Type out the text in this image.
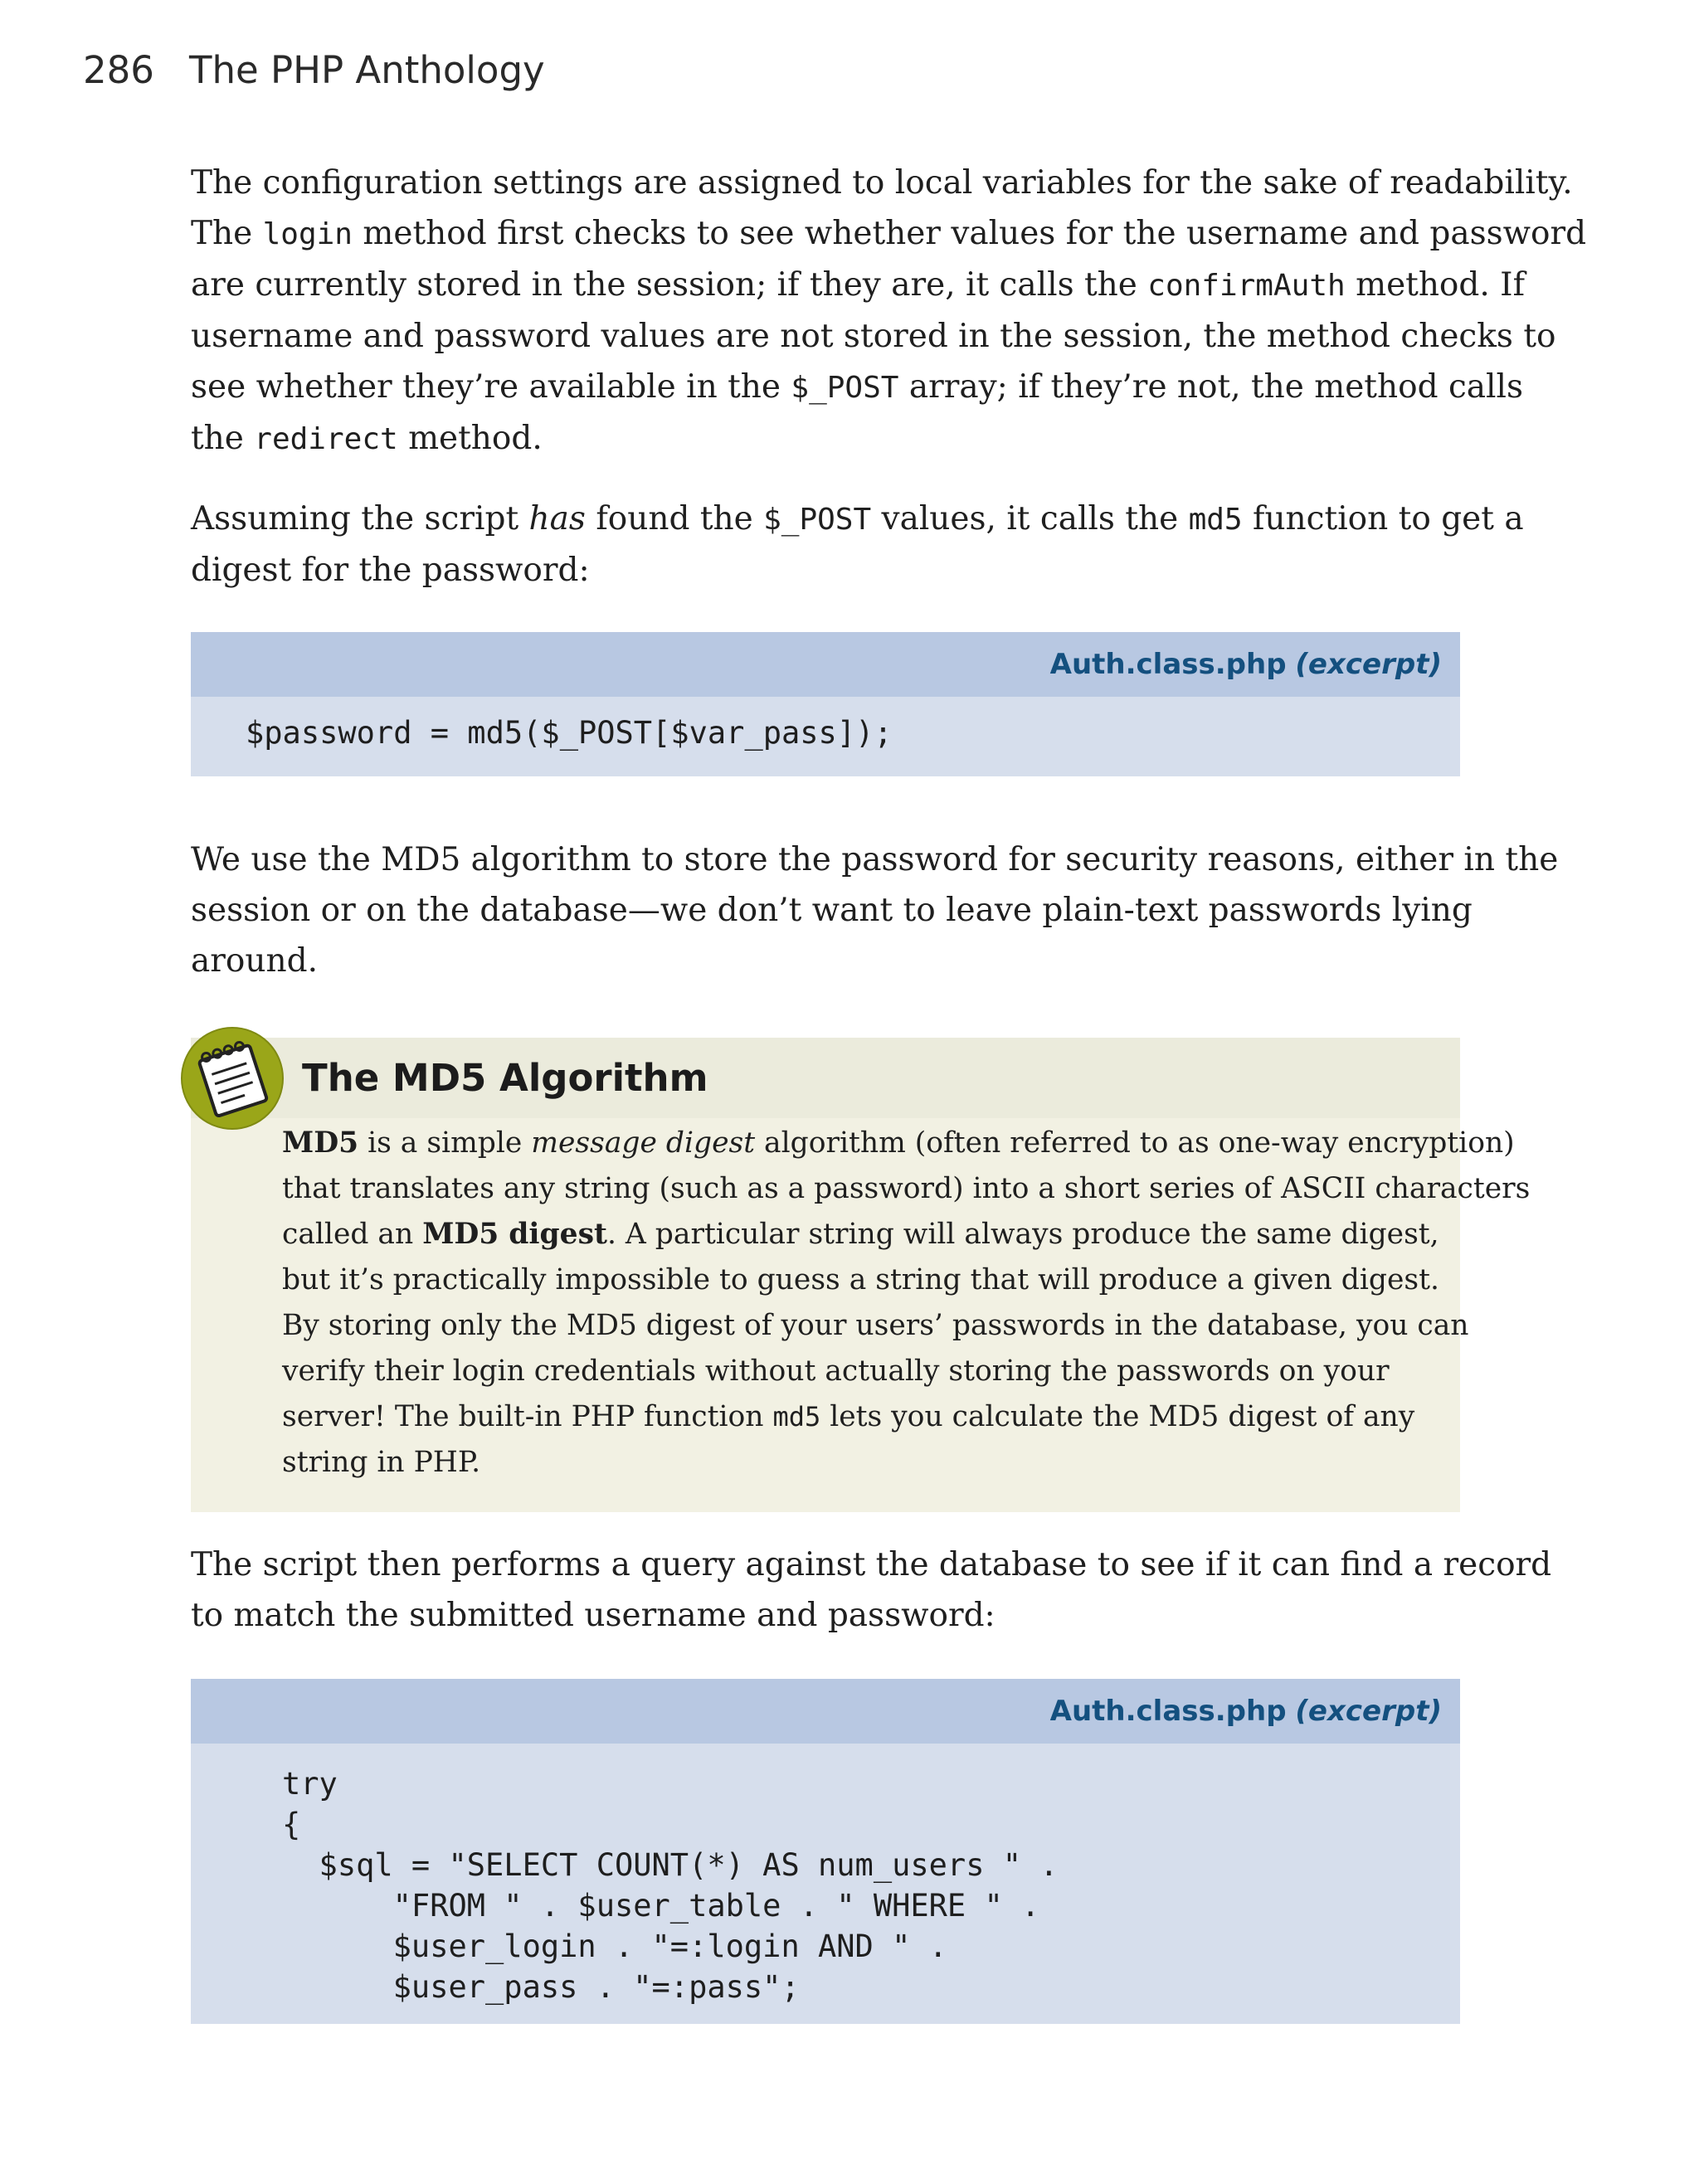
286 The PHP Anthology

The configuration settings are assigned to local variables for the sake of readability.
The login method first checks to see whether values for the username and password
are currently stored in the session; if they are, it calls the confirmAuth method. If
username and password values are not stored in the session, the method checks to
see whether they’re available in the $_POST array; if they’re not, the method calls
the redirect method.

Assuming the script has found the $_POST values, it calls the md5 function to get a
digest for the password:

Auth.class.php (excerpt)
$password = md5($_POST[$var_pass]);

We use the MD5 algorithm to store the password for security reasons, either in the
session or on the database—we don’t want to leave plain-text passwords lying
around.

The MD5 Algorithm
MD5 is a simple message digest algorithm (often referred to as one-way encryption)
that translates any string (such as a password) into a short series of ASCII characters
called an MD5 digest. A particular string will always produce the same digest,
but it’s practically impossible to guess a string that will produce a given digest.
By storing only the MD5 digest of your users’ passwords in the database, you can
verify their login credentials without actually storing the passwords on your
server! The built-in PHP function md5 lets you calculate the MD5 digest of any
string in PHP.

The script then performs a query against the database to see if it can find a record
to match the submitted username and password:

Auth.class.php (excerpt)
try
{
$sql = "SELECT COUNT(*) AS num_users " .
"FROM " . $user_table . " WHERE " .
$user_login . "=:login AND " .
$user_pass . "=:pass";
